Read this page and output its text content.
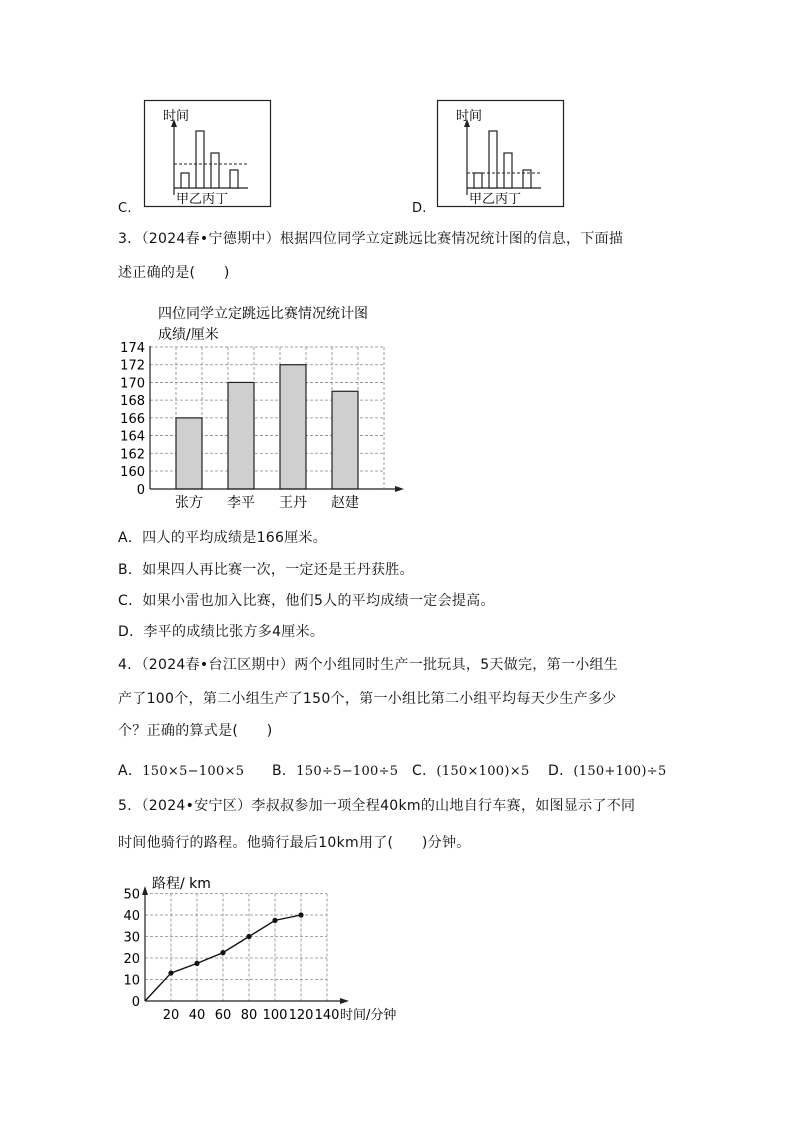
C.
时间
甲乙丙丁
D.
时间
甲乙丙丁
3．（2024春•宁德期中）根据四位同学立定跳远比赛情况统计图的信息，下面描
述正确的是(　　)
四位同学立定跳远比赛情况统计图
成绩/厘米
0
160
162
164
166
168
170
172
174
张方 李平 王丹 赵建
A．四人的平均成绩是166厘米。
B．如果四人再比赛一次，一定还是王丹获胜。
C．如果小雷也加入比赛，他们5人的平均成绩一定会提高。
D．李平的成绩比张方多4厘米。
4．（2024春•台江区期中）两个小组同时生产一批玩具，5天做完，第一小组生
产了100个，第二小组生产了150个，第一小组比第二小组平均每天少生产多少
个？正确的算式是(　　)
A．150×5−100×5 B．150÷5−100÷5 C．(150×100)×5 D．(150+100)÷5
5．（2024•安宁区）李叔叔参加一项全程40km的山地自行车赛，如图显示了不同
时间他骑行的路程。他骑行最后10km用了(　　)分钟。
路程/ km
0
10
20
30
40
50
20 40 60 80 100 120 140 时间/分钟
